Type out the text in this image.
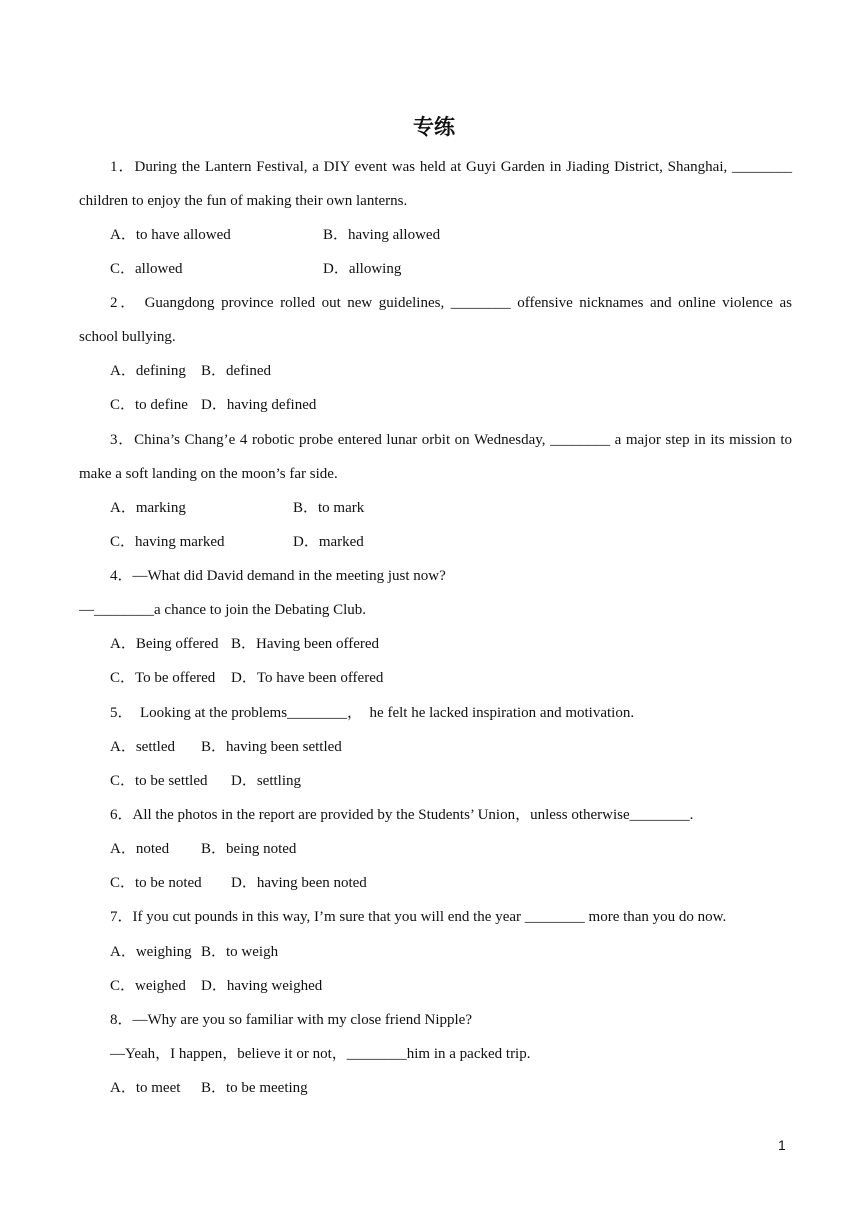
专练
1．During the Lantern Festival, a DIY event was held at Guyi Garden in Jiading District, Shanghai, ________
children to enjoy the fun of making their own lanterns.
A．to have allowed	B．having allowed
C．allowed	D．allowing
2． Guangdong province rolled out new guidelines, ________ offensive nicknames and online violence as
school bullying.
A．defining B．defined
C．to define D．having defined
3．China’s Chang’e 4 robotic probe entered lunar orbit on Wednesday, ________ a major step in its mission to
make a soft landing on the moon’s far side.
A．marking	B．to mark
C．having marked	D．marked
4．—What did David demand in the meeting just now?
—________a chance to join the Debating Club.
A．Being offered B．Having been offered
C．To be offered D．To have been offered
5．  Looking at the problems________，  he felt he lacked inspiration and motivation.
A．settled B．having been settled
C．to be settled D．settling
6．All the photos in the report are provided by the Students’ Union，unless otherwise________.
A．noted B．being noted
C．to be noted D．having been noted
7．If you cut pounds in this way, I’m sure that you will end the year ________ more than you do now.
A．weighing B．to weigh
C．weighed D．having weighed
8．—Why are you so familiar with my close friend Nipple?
—Yeah，I happen，believe it or not，________him in a packed trip.
A．to meet B．to be meeting
1
